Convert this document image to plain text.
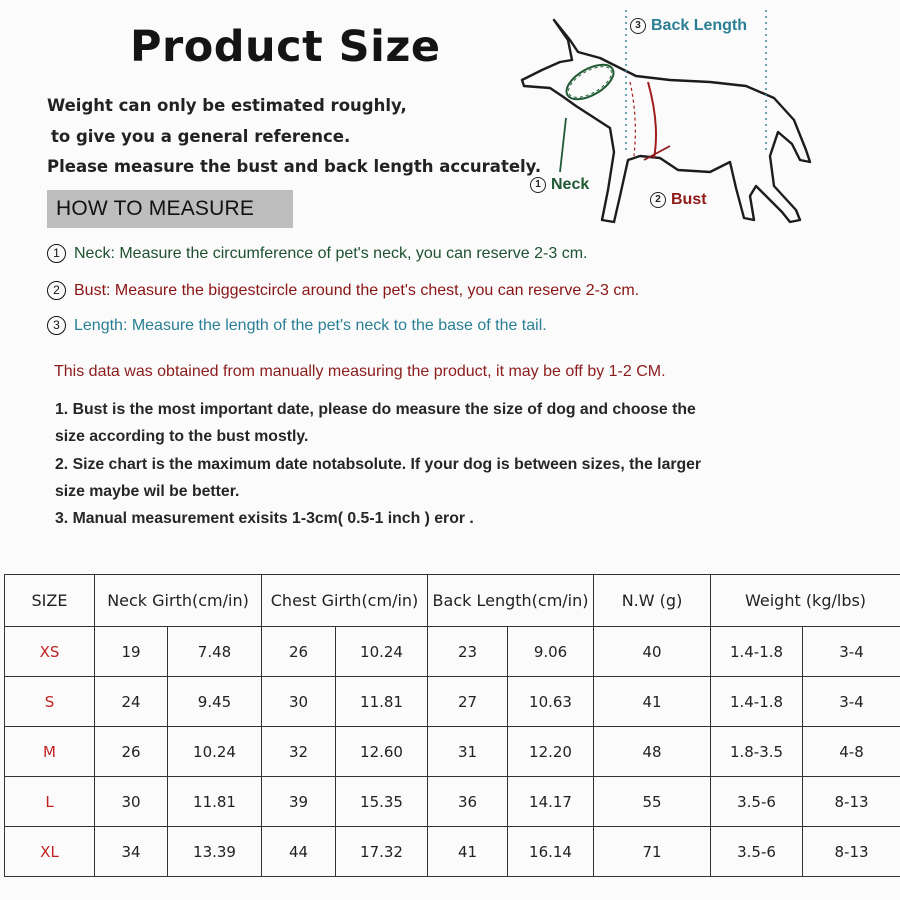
Product Size
Weight can only be estimated roughly,
to give you a general reference.
Please measure the bust and back length accurately.
HOW TO MEASURE
1 Neck: Measure the circumference of pet's neck, you can reserve 2-3 cm.
2 Bust: Measure the biggestcircle around the pet's chest, you can reserve 2-3 cm.
3 Length: Measure the length of the pet's neck to the base of the tail.
This data was obtained from manually measuring the product, it may be off by 1-2 CM.
1. Bust is the most important date, please do measure the size of dog and choose the
size according to the bust mostly.
2. Size chart is the maximum date notabsolute. If your dog is between sizes, the larger
size maybe wil be better.
3. Manual measurement exisits 1-3cm( 0.5-1 inch ) eror .
3 Back Length
1 Neck
2 Bust
SIZE	Neck Girth(cm/in)		Chest Girth(cm/in)		Back Length(cm/in)		N.W (g)	Weight (kg/lbs)	
XS	19	7.48	26	10.24	23	9.06	40	1.4-1.8	3-4
S	24	9.45	30	11.81	27	10.63	41	1.4-1.8	3-4
M	26	10.24	32	12.60	31	12.20	48	1.8-3.5	4-8
L	30	11.81	39	15.35	36	14.17	55	3.5-6	8-13
XL	34	13.39	44	17.32	41	16.14	71	3.5-6	8-13
